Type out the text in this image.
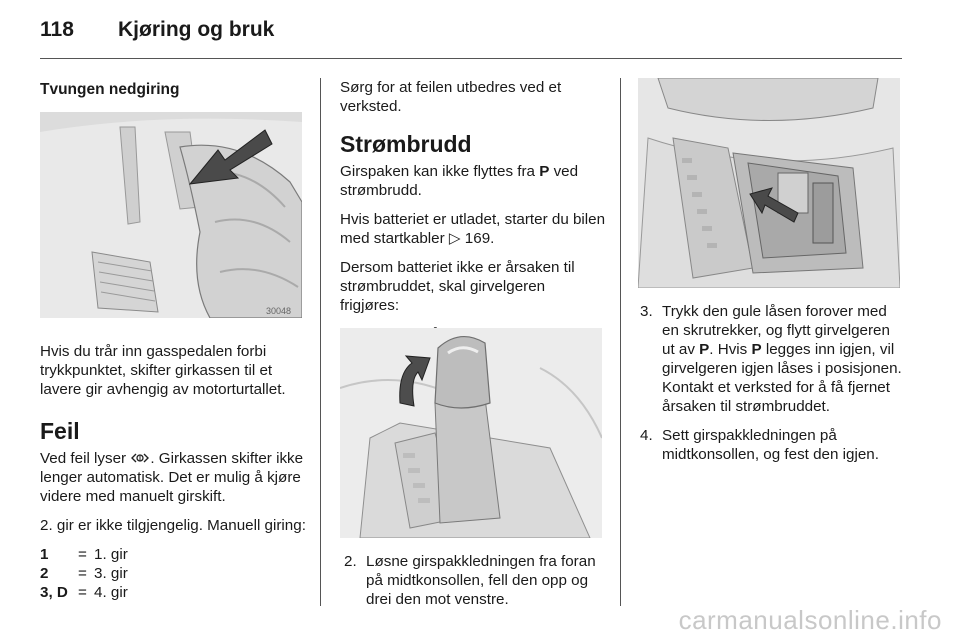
118 Kjøring og bruk
Tvungen nedgiring
30048

Hvis du trår inn gasspedalen forbi trykkpunktet, skifter girkassen til et lavere gir avhengig av motorturtallet.

Feil

Ved feil lyser . Girkassen skifter ikke lenger automatisk. Det er mulig å kjøre videre med manuelt girskift.

2. gir er ikke tilgjengelig. Manuell giring:

1	= 1. gir
2	= 3. gir
3, D = 4. gir

Sørg for at feilen utbedres ved et verksted.

Strømbrudd

Girspaken kan ikke flyttes fra P ved strømbrudd.

Hvis batteriet er utladet, starter du bilen med startkabler ▷ 169.

Dersom batteriet ikke er årsaken til strømbruddet, skal girvelgeren frigjøres:

2. Løsne girspakkledningen fra foran på midtkonsollen, fell den opp og drei den mot venstre.
3. Trykk den gule låsen forover med en skrutrekker, og flytt girvelgeren ut av P. Hvis P legges inn igjen, vil girvelgeren igjen låses i posisjonen. Kontakt et verksted for å få fjernet årsaken til strømbruddet.
4. Sett girspakkledningen på midtkonsollen, og fest den igjen.
carmanualsonline.info
